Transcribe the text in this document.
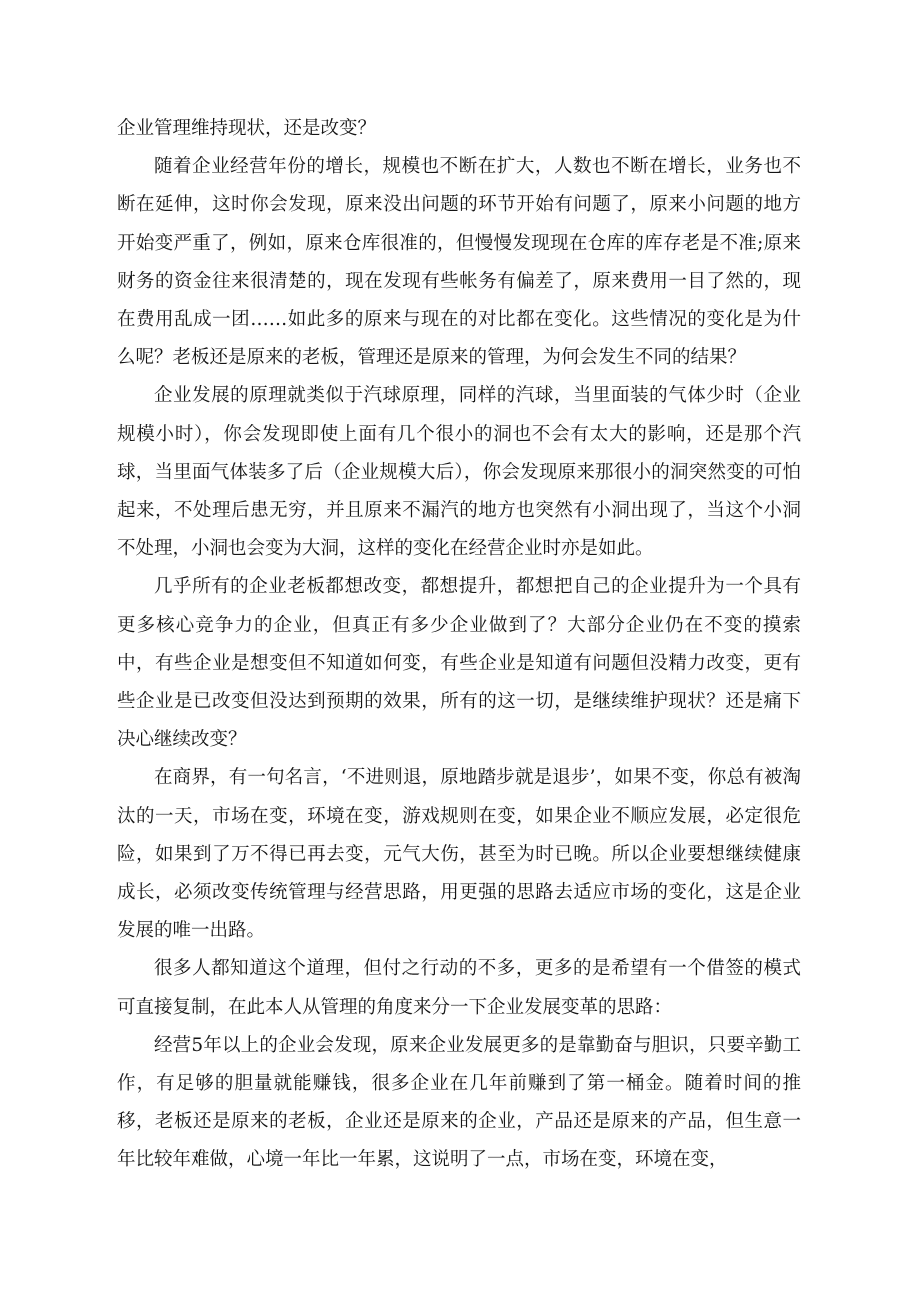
企业管理维持现状，还是改变？

随着企业经营年份的增长，规模也不断在扩大，人数也不断在增长，业务也不断在延伸，这时你会发现，原来没出问题的环节开始有问题了，原来小问题的地方开始变严重了，例如，原来仓库很准的，但慢慢发现现在仓库的库存老是不准;原来财务的资金往来很清楚的，现在发现有些帐务有偏差了，原来费用一目了然的，现在费用乱成一团……如此多的原来与现在的对比都在变化。这些情况的变化是为什么呢？老板还是原来的老板，管理还是原来的管理，为何会发生不同的结果？

企业发展的原理就类似于汽球原理，同样的汽球，当里面装的气体少时（企业规模小时），你会发现即使上面有几个很小的洞也不会有太大的影响，还是那个汽球，当里面气体装多了后（企业规模大后），你会发现原来那很小的洞突然变的可怕起来，不处理后患无穷，并且原来不漏汽的地方也突然有小洞出现了，当这个小洞不处理，小洞也会变为大洞，这样的变化在经营企业时亦是如此。

几乎所有的企业老板都想改变，都想提升，都想把自己的企业提升为一个具有更多核心竞争力的企业，但真正有多少企业做到了？大部分企业仍在不变的摸索中，有些企业是想变但不知道如何变，有些企业是知道有问题但没精力改变，更有些企业是已改变但没达到预期的效果，所有的这一切，是继续维护现状？还是痛下决心继续改变？

在商界，有一句名言，‘不进则退，原地踏步就是退步’，如果不变，你总有被淘汰的一天，市场在变，环境在变，游戏规则在变，如果企业不顺应发展，必定很危险，如果到了万不得已再去变，元气大伤，甚至为时已晚。所以企业要想继续健康成长，必须改变传统管理与经营思路，用更强的思路去适应市场的变化，这是企业发展的唯一出路。

很多人都知道这个道理，但付之行动的不多，更多的是希望有一个借签的模式可直接复制，在此本人从管理的角度来分一下企业发展变革的思路：

经营5年以上的企业会发现，原来企业发展更多的是靠勤奋与胆识，只要辛勤工作，有足够的胆量就能赚钱，很多企业在几年前赚到了第一桶金。随着时间的推移，老板还是原来的老板，企业还是原来的企业，产品还是原来的产品，但生意一年比较年难做，心境一年比一年累，这说明了一点，市场在变，环境在变，
